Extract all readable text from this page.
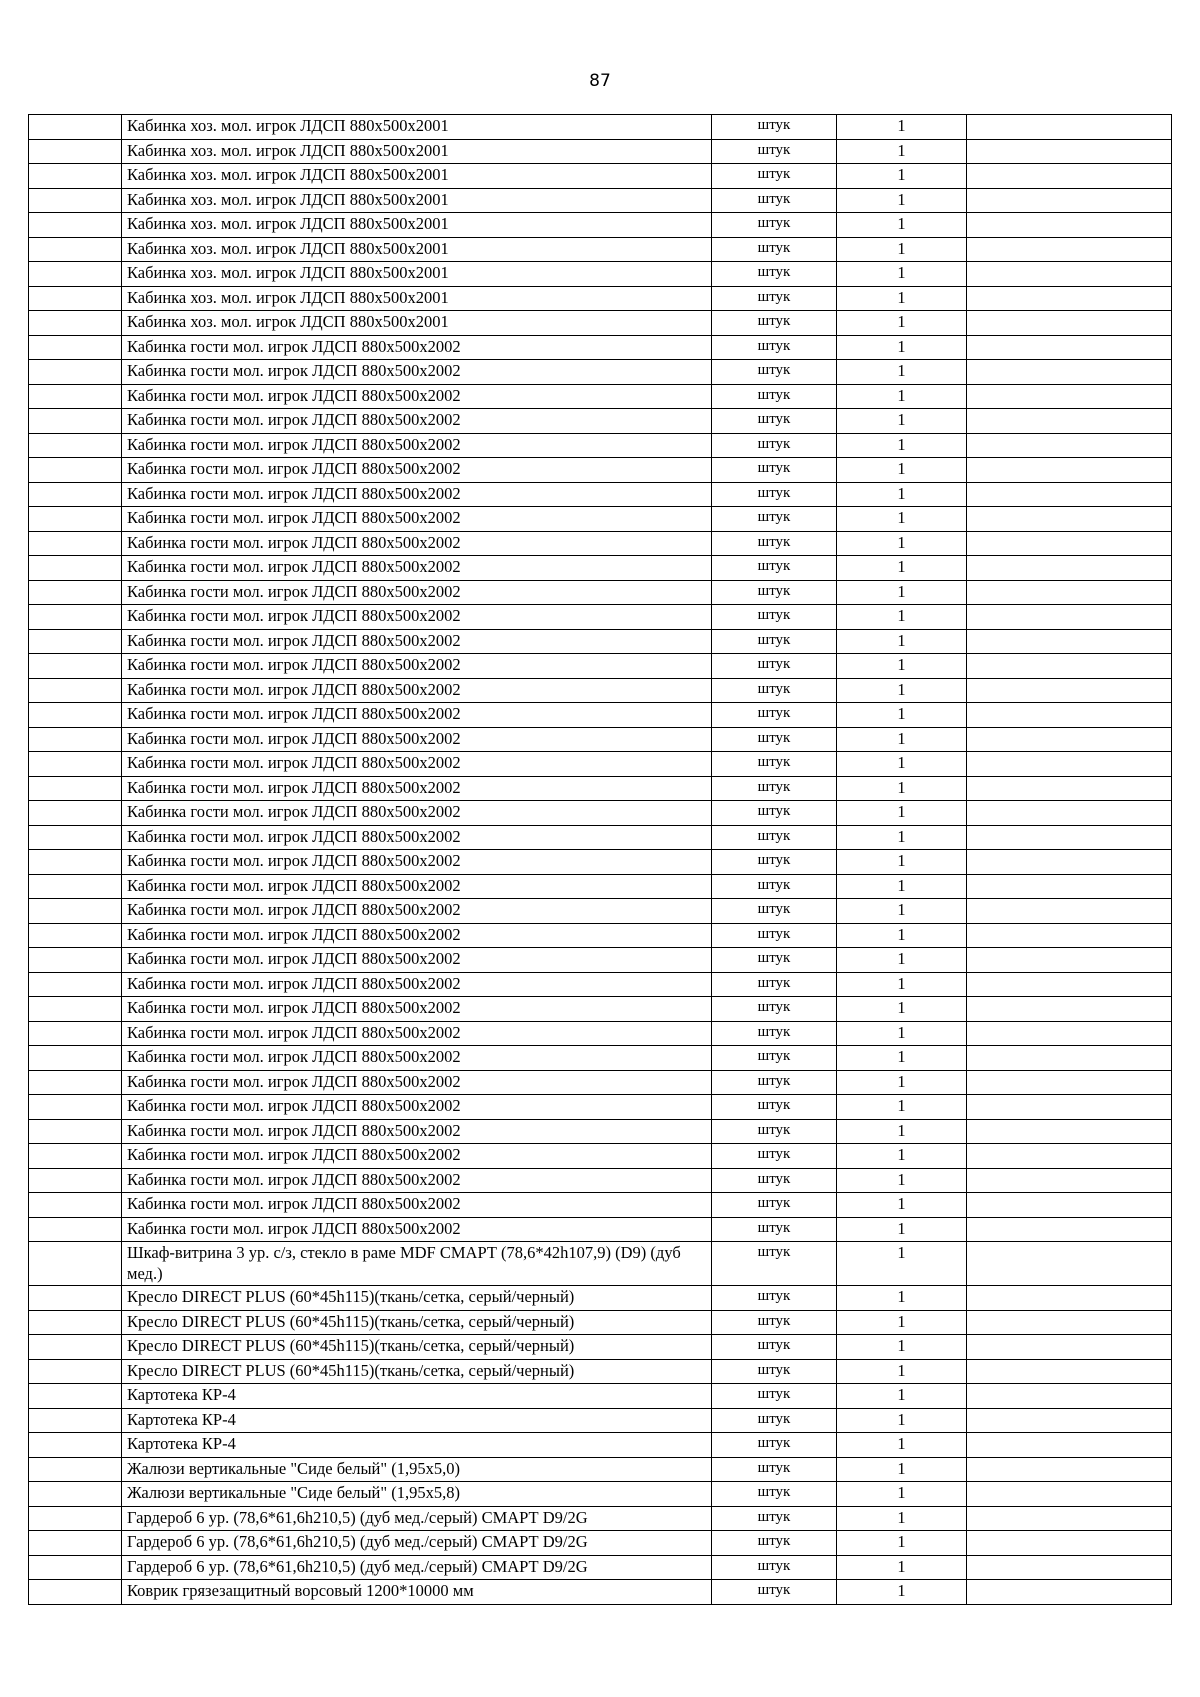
87
	Кабинка хоз. мол. игрок ЛДСП 880х500х2001	штук	1	
	Кабинка хоз. мол. игрок ЛДСП 880х500х2001	штук	1	
	Кабинка хоз. мол. игрок ЛДСП 880х500х2001	штук	1	
	Кабинка хоз. мол. игрок ЛДСП 880х500х2001	штук	1	
	Кабинка хоз. мол. игрок ЛДСП 880х500х2001	штук	1	
	Кабинка хоз. мол. игрок ЛДСП 880х500х2001	штук	1	
	Кабинка хоз. мол. игрок ЛДСП 880х500х2001	штук	1	
	Кабинка хоз. мол. игрок ЛДСП 880х500х2001	штук	1	
	Кабинка хоз. мол. игрок ЛДСП 880х500х2001	штук	1	
	Кабинка гости мол. игрок ЛДСП 880х500х2002	штук	1	
	Кабинка гости мол. игрок ЛДСП 880х500х2002	штук	1	
	Кабинка гости мол. игрок ЛДСП 880х500х2002	штук	1	
	Кабинка гости мол. игрок ЛДСП 880х500х2002	штук	1	
	Кабинка гости мол. игрок ЛДСП 880х500х2002	штук	1	
	Кабинка гости мол. игрок ЛДСП 880х500х2002	штук	1	
	Кабинка гости мол. игрок ЛДСП 880х500х2002	штук	1	
	Кабинка гости мол. игрок ЛДСП 880х500х2002	штук	1	
	Кабинка гости мол. игрок ЛДСП 880х500х2002	штук	1	
	Кабинка гости мол. игрок ЛДСП 880х500х2002	штук	1	
	Кабинка гости мол. игрок ЛДСП 880х500х2002	штук	1	
	Кабинка гости мол. игрок ЛДСП 880х500х2002	штук	1	
	Кабинка гости мол. игрок ЛДСП 880х500х2002	штук	1	
	Кабинка гости мол. игрок ЛДСП 880х500х2002	штук	1	
	Кабинка гости мол. игрок ЛДСП 880х500х2002	штук	1	
	Кабинка гости мол. игрок ЛДСП 880х500х2002	штук	1	
	Кабинка гости мол. игрок ЛДСП 880х500х2002	штук	1	
	Кабинка гости мол. игрок ЛДСП 880х500х2002	штук	1	
	Кабинка гости мол. игрок ЛДСП 880х500х2002	штук	1	
	Кабинка гости мол. игрок ЛДСП 880х500х2002	штук	1	
	Кабинка гости мол. игрок ЛДСП 880х500х2002	штук	1	
	Кабинка гости мол. игрок ЛДСП 880х500х2002	штук	1	
	Кабинка гости мол. игрок ЛДСП 880х500х2002	штук	1	
	Кабинка гости мол. игрок ЛДСП 880х500х2002	штук	1	
	Кабинка гости мол. игрок ЛДСП 880х500х2002	штук	1	
	Кабинка гости мол. игрок ЛДСП 880х500х2002	штук	1	
	Кабинка гости мол. игрок ЛДСП 880х500х2002	штук	1	
	Кабинка гости мол. игрок ЛДСП 880х500х2002	штук	1	
	Кабинка гости мол. игрок ЛДСП 880х500х2002	штук	1	
	Кабинка гости мол. игрок ЛДСП 880х500х2002	штук	1	
	Кабинка гости мол. игрок ЛДСП 880х500х2002	штук	1	
	Кабинка гости мол. игрок ЛДСП 880х500х2002	штук	1	
	Кабинка гости мол. игрок ЛДСП 880х500х2002	штук	1	
	Кабинка гости мол. игрок ЛДСП 880х500х2002	штук	1	
	Кабинка гости мол. игрок ЛДСП 880х500х2002	штук	1	
	Кабинка гости мол. игрок ЛДСП 880х500х2002	штук	1	
	Кабинка гости мол. игрок ЛДСП 880х500х2002	штук	1	
	Шкаф-витрина 3 ур. с/з, стекло в раме MDF СМАРТ (78,6*42h107,9) (D9) (дуб мед.)	штук	1	
	Кресло DIRECT PLUS (60*45h115)(ткань/сетка, серый/черный)	штук	1	
	Кресло DIRECT PLUS (60*45h115)(ткань/сетка, серый/черный)	штук	1	
	Кресло DIRECT PLUS (60*45h115)(ткань/сетка, серый/черный)	штук	1	
	Кресло DIRECT PLUS (60*45h115)(ткань/сетка, серый/черный)	штук	1	
	Картотека КР-4	штук	1	
	Картотека КР-4	штук	1	
	Картотека КР-4	штук	1	
	Жалюзи вертикальные "Сиде белый" (1,95х5,0)	штук	1	
	Жалюзи вертикальные "Сиде белый" (1,95х5,8)	штук	1	
	Гардероб 6 ур. (78,6*61,6h210,5) (дуб мед./серый) СМАРТ D9/2G	штук	1	
	Гардероб 6 ур. (78,6*61,6h210,5) (дуб мед./серый) СМАРТ D9/2G	штук	1	
	Гардероб 6 ур. (78,6*61,6h210,5) (дуб мед./серый) СМАРТ D9/2G	штук	1	
	Коврик грязезащитный ворсовый 1200*10000 мм	штук	1	
